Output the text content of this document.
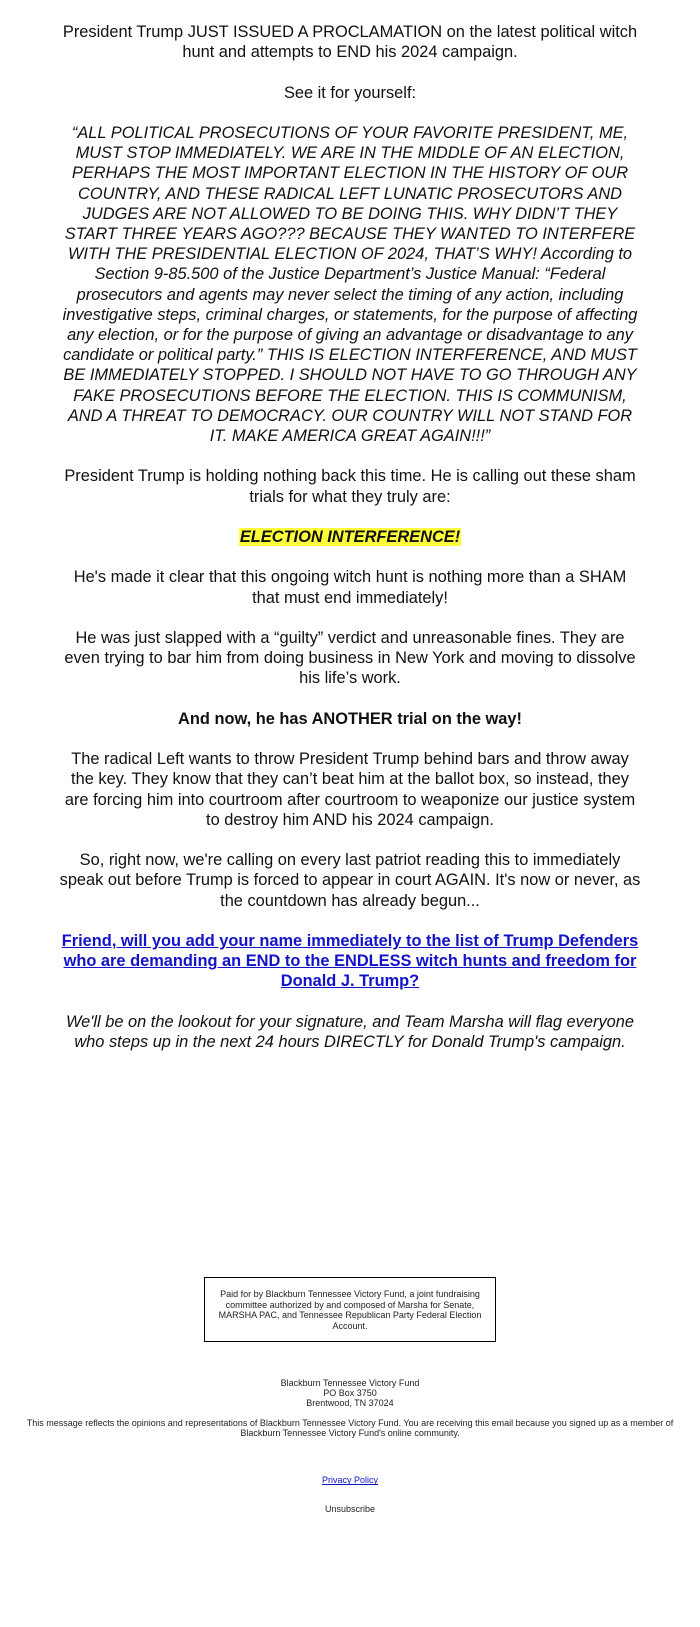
President Trump JUST ISSUED A PROCLAMATION on the latest political witch hunt and attempts to END his 2024 campaign.

See it for yourself:

“ALL POLITICAL PROSECUTIONS OF YOUR FAVORITE PRESIDENT, ME, MUST STOP IMMEDIATELY. WE ARE IN THE MIDDLE OF AN ELECTION, PERHAPS THE MOST IMPORTANT ELECTION IN THE HISTORY OF OUR COUNTRY, AND THESE RADICAL LEFT LUNATIC PROSECUTORS AND JUDGES ARE NOT ALLOWED TO BE DOING THIS. WHY DIDN’T THEY START THREE YEARS AGO??? BECAUSE THEY WANTED TO INTERFERE WITH THE PRESIDENTIAL ELECTION OF 2024, THAT’S WHY! According to Section 9-85.500 of the Justice Department’s Justice Manual: “Federal prosecutors and agents may never select the timing of any action, including investigative steps, criminal charges, or statements, for the purpose of affecting any election, or for the purpose of giving an advantage or disadvantage to any candidate or political party.” THIS IS ELECTION INTERFERENCE, AND MUST BE IMMEDIATELY STOPPED. I SHOULD NOT HAVE TO GO THROUGH ANY FAKE PROSECUTIONS BEFORE THE ELECTION. THIS IS COMMUNISM, AND A THREAT TO DEMOCRACY. OUR COUNTRY WILL NOT STAND FOR IT. MAKE AMERICA GREAT AGAIN!!!”

President Trump is holding nothing back this time. He is calling out these sham trials for what they truly are:

ELECTION INTERFERENCE!

He's made it clear that this ongoing witch hunt is nothing more than a SHAM that must end immediately!

He was just slapped with a “guilty” verdict and unreasonable fines. They are even trying to bar him from doing business in New York and moving to dissolve his life’s work.

And now, he has ANOTHER trial on the way!

The radical Left wants to throw President Trump behind bars and throw away the key. They know that they can’t beat him at the ballot box, so instead, they are forcing him into courtroom after courtroom to weaponize our justice system to destroy him AND his 2024 campaign.

So, right now, we're calling on every last patriot reading this to immediately speak out before Trump is forced to appear in court AGAIN. It's now or never, as the countdown has already begun...

Friend, will you add your name immediately to the list of Trump Defenders who are demanding an END to the ENDLESS witch hunts and freedom for Donald J. Trump?

We'll be on the lookout for your signature, and Team Marsha will flag everyone who steps up in the next 24 hours DIRECTLY for Donald Trump's campaign.

Paid for by Blackburn Tennessee Victory Fund, a joint fundraising committee authorized by and composed of Marsha for Senate, MARSHA PAC, and Tennessee Republican Party Federal Election Account.
Blackburn Tennessee Victory Fund
PO Box 3750
Brentwood, TN 37024
This message reflects the opinions and representations of Blackburn Tennessee Victory Fund. You are receiving this email because you signed up as a member of Blackburn Tennessee Victory Fund's online community.
Privacy Policy
Unsubscribe
